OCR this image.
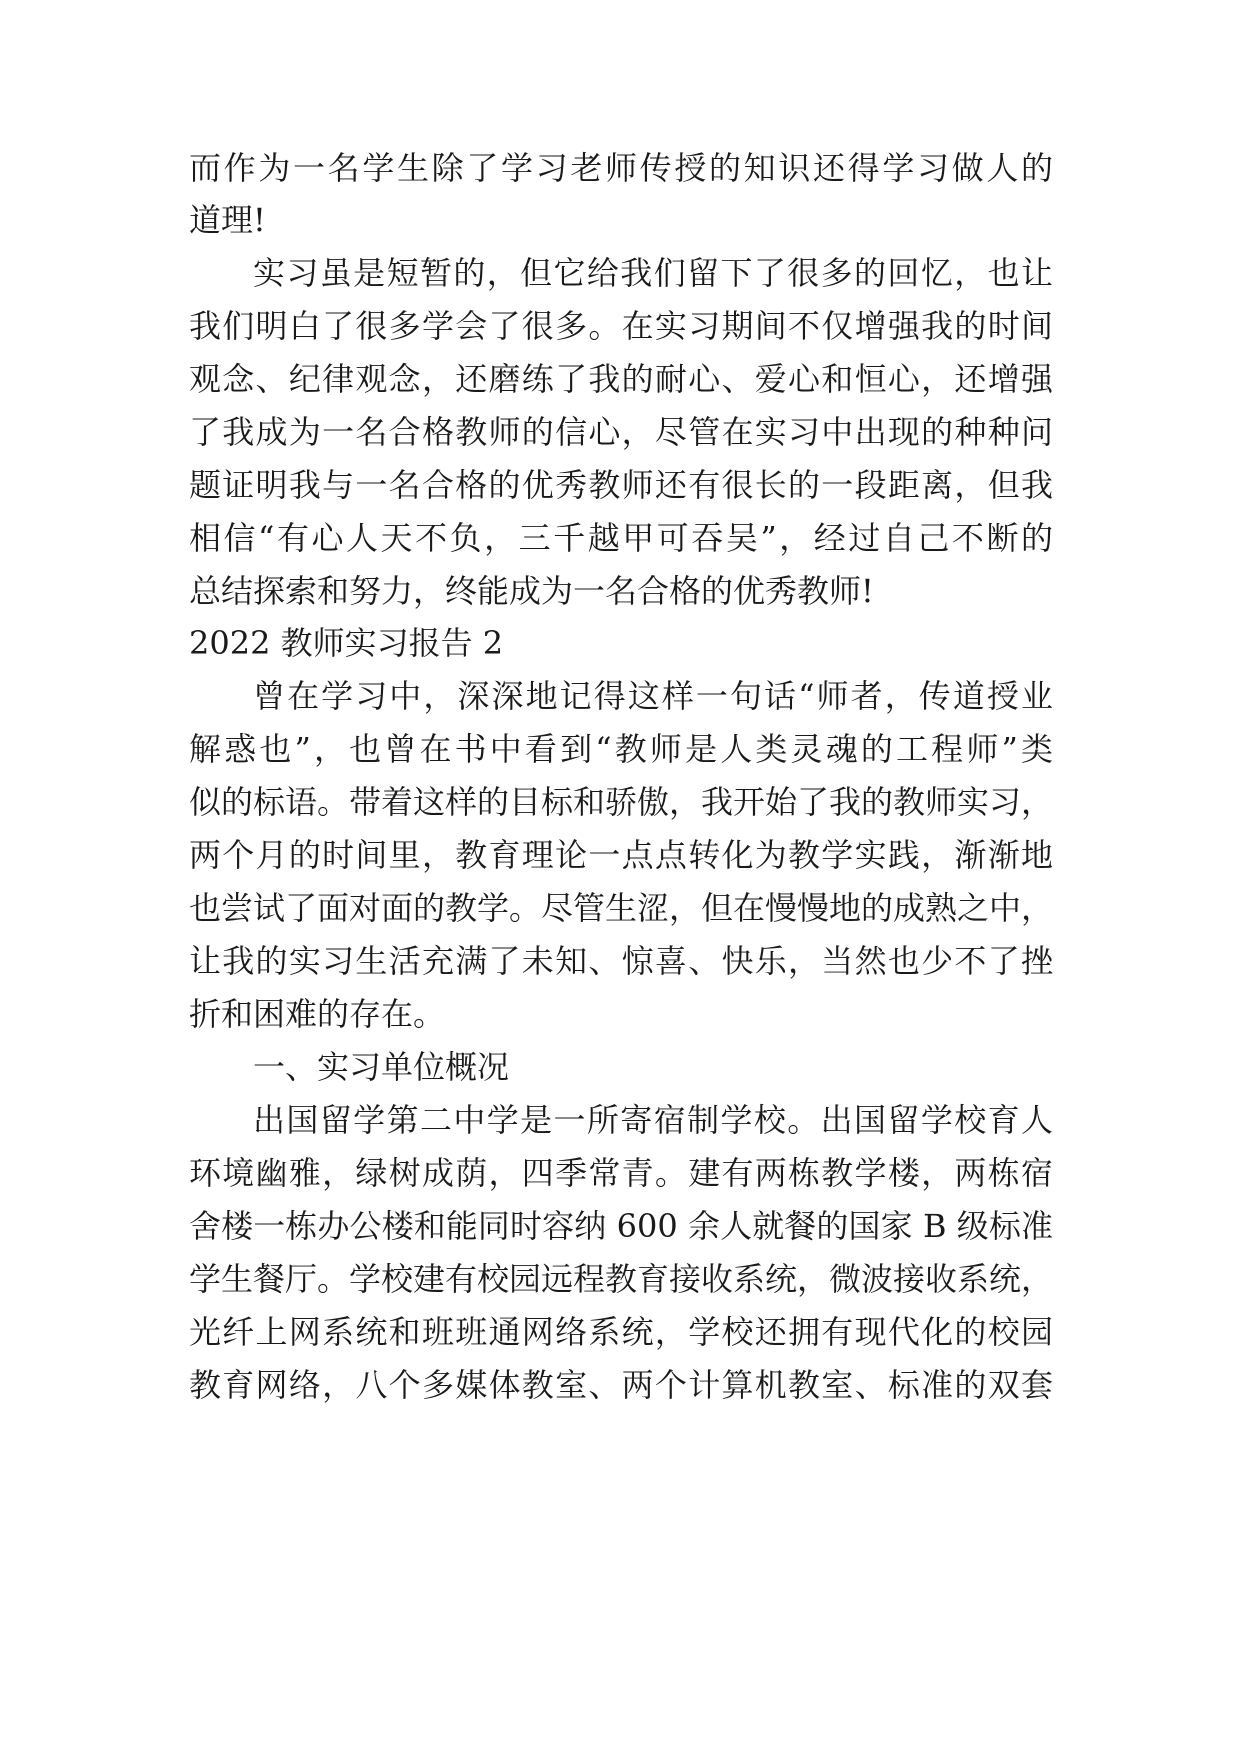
而作为一名学生除了学习老师传授的知识还得学习做人的
道理!
实习虽是短暂的，但它给我们留下了很多的回忆，也让
我们明白了很多学会了很多。在实习期间不仅增强我的时间
观念、纪律观念，还磨练了我的耐心、爱心和恒心，还增强
了我成为一名合格教师的信心，尽管在实习中出现的种种问
题证明我与一名合格的优秀教师还有很长的一段距离，但我
相信“有心人天不负，三千越甲可吞吴”，经过自己不断的
总结探索和努力，终能成为一名合格的优秀教师!
2022 教师实习报告 2
曾在学习中，深深地记得这样一句话“师者，传道授业
解惑也”，也曾在书中看到“教师是人类灵魂的工程师”类
似的标语。带着这样的目标和骄傲，我开始了我的教师实习，
两个月的时间里，教育理论一点点转化为教学实践，渐渐地
也尝试了面对面的教学。尽管生涩，但在慢慢地的成熟之中，
让我的实习生活充满了未知、惊喜、快乐，当然也少不了挫
折和困难的存在。
一、实习单位概况
出国留学第二中学是一所寄宿制学校。出国留学校育人
环境幽雅，绿树成荫，四季常青。建有两栋教学楼，两栋宿
舍楼一栋办公楼和能同时容纳 600 余人就餐的国家 B 级标准
学生餐厅。学校建有校园远程教育接收系统，微波接收系统，
光纤上网系统和班班通网络系统，学校还拥有现代化的校园
教育网络，八个多媒体教室、两个计算机教室、标准的双套
